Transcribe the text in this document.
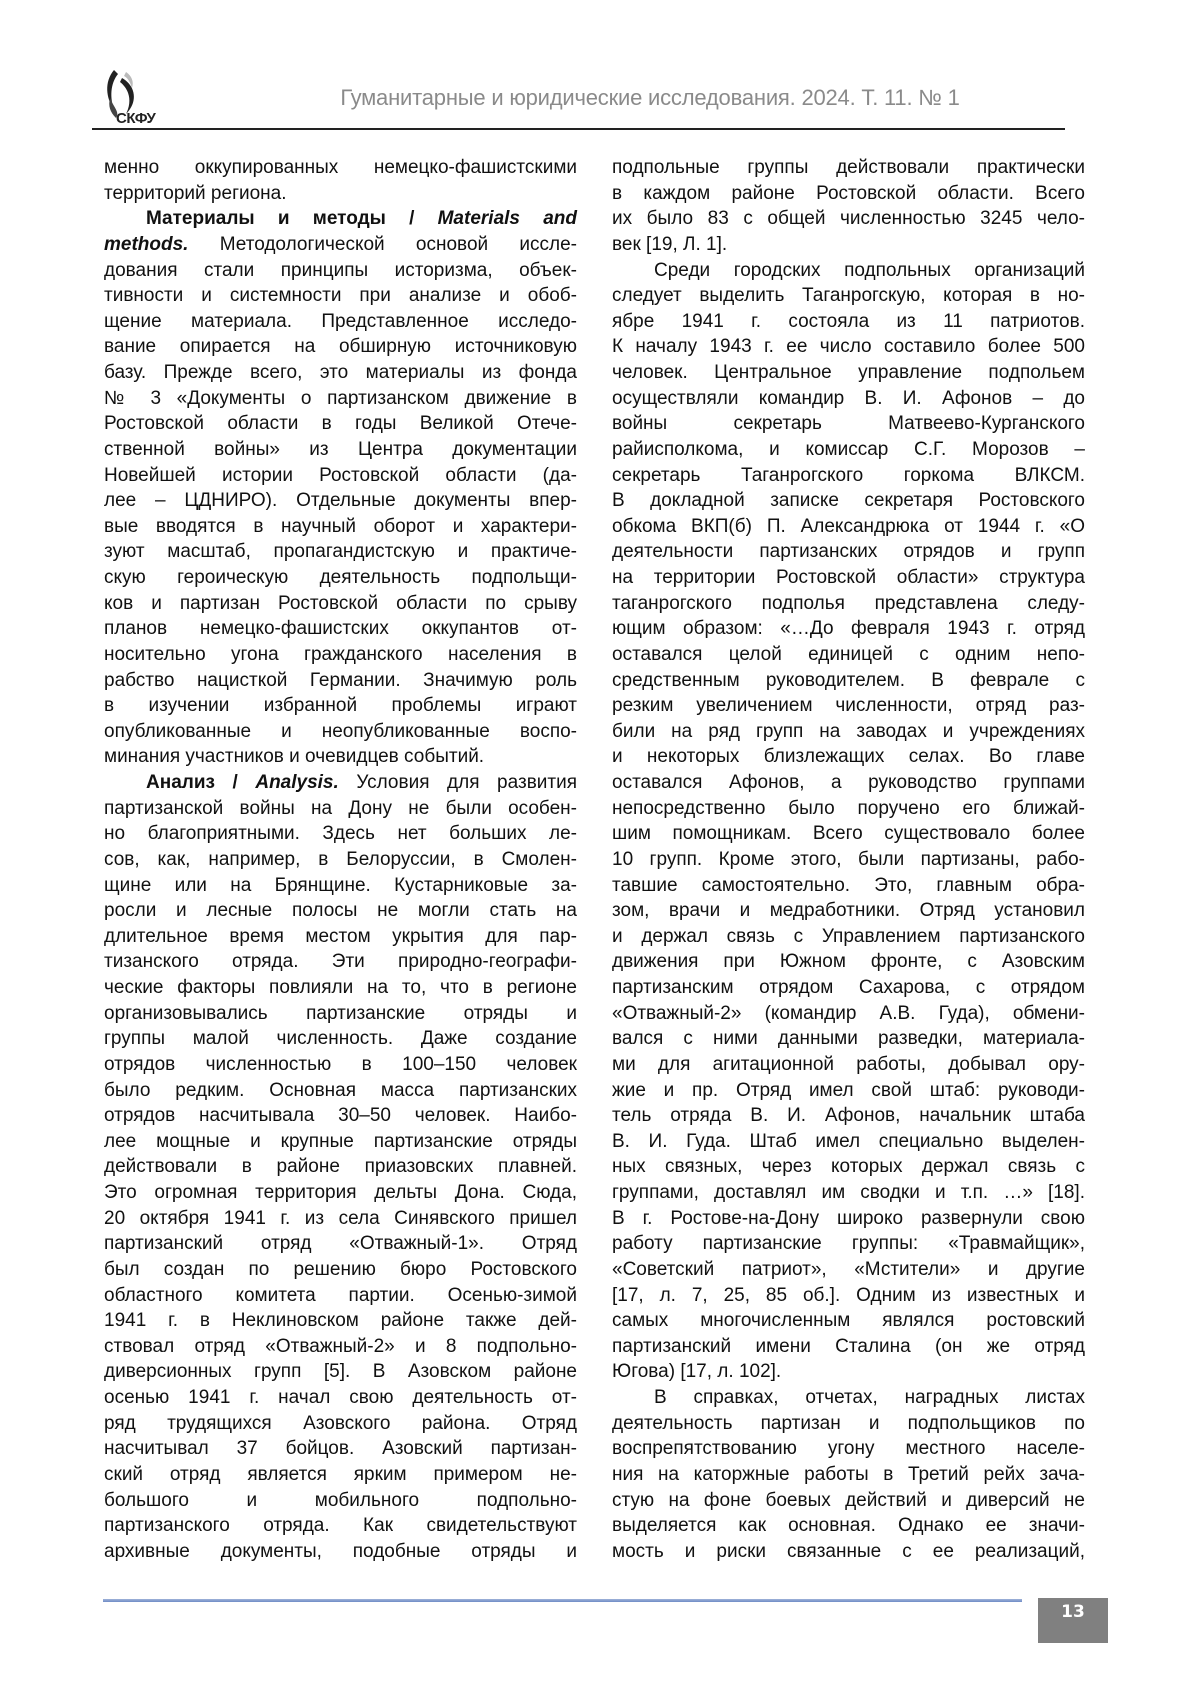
СКФУ
Гуманитарные и юридические исследования. 2024. Т. 11. № 1
менно оккупированных немецко-фашистскими
территорий региона.
Материалы и методы / Materials and
methods. Методологической основой иссле-
дования стали принципы историзма, объек-
тивности и системности при анализе и обоб-
щение материала. Представленное исследо-
вание опирается на обширную источниковую
базу. Прежде всего, это материалы из фонда
№ 3 «Документы о партизанском движение в
Ростовской области в годы Великой Отече-
ственной войны» из Центра документации
Новейшей истории Ростовской области (да-
лее – ЦДНИРО). Отдельные документы впер-
вые вводятся в научный оборот и характери-
зуют масштаб, пропагандистскую и практиче-
скую героическую деятельность подпольщи-
ков и партизан Ростовской области по срыву
планов немецко-фашистских оккупантов от-
носительно угона гражданского населения в
рабство нацисткой Германии. Значимую роль
в изучении избранной проблемы играют
опубликованные и неопубликованные воспо-
минания участников и очевидцев событий.
Анализ / Analysis. Условия для развития
партизанской войны на Дону не были особен-
но благоприятными. Здесь нет больших ле-
сов, как, например, в Белоруссии, в Смолен-
щине или на Брянщине. Кустарниковые за-
росли и лесные полосы не могли стать на
длительное время местом укрытия для пар-
тизанского отряда. Эти природно-географи-
ческие факторы повлияли на то, что в регионе
организовывались партизанские отряды и
группы малой численность. Даже создание
отрядов численностью в 100–150 человек
было редким. Основная масса партизанских
отрядов насчитывала 30–50 человек. Наибо-
лее мощные и крупные партизанские отряды
действовали в районе приазовских плавней.
Это огромная территория дельты Дона. Сюда,
20 октября 1941 г. из села Синявского пришел
партизанский отряд «Отважный-1». Отряд
был создан по решению бюро Ростовского
областного комитета партии. Осенью-зимой
1941 г. в Неклиновском районе также дей-
ствовал отряд «Отважный-2» и 8 подпольно-
диверсионных групп [5]. В Азовском районе
осенью 1941 г. начал свою деятельность от-
ряд трудящихся Азовского района. Отряд
насчитывал 37 бойцов. Азовский партизан-
ский отряд является ярким примером не-
большого и мобильного подпольно-
партизанского отряда. Как свидетельствуют
архивные документы, подобные отряды и
подпольные группы действовали практически
в каждом районе Ростовской области. Всего
их было 83 с общей численностью 3245 чело-
век [19, Л. 1].
Среди городских подпольных организаций
следует выделить Таганрогскую, которая в но-
ябре 1941 г. состояла из 11 патриотов.
К началу 1943 г. ее число составило более 500
человек. Центральное управление подпольем
осуществляли командир В. И. Афонов – до
войны секретарь Матвеево-Курганского
райисполкома, и комиссар С.Г. Морозов –
секретарь Таганрогского горкома ВЛКСМ.
В докладной записке секретаря Ростовского
обкома ВКП(б) П. Александрюка от 1944 г. «О
деятельности партизанских отрядов и групп
на территории Ростовской области» структура
таганрогского подполья представлена следу-
ющим образом: «…До февраля 1943 г. отряд
оставался целой единицей с одним непо-
средственным руководителем. В феврале с
резким увеличением численности, отряд раз-
били на ряд групп на заводах и учреждениях
и некоторых близлежащих селах. Во главе
оставался Афонов, а руководство группами
непосредственно было поручено его ближай-
шим помощникам. Всего существовало более
10 групп. Кроме этого, были партизаны, рабо-
тавшие самостоятельно. Это, главным обра-
зом, врачи и медработники. Отряд установил
и держал связь с Управлением партизанского
движения при Южном фронте, с Азовским
партизанским отрядом Сахарова, с отрядом
«Отважный-2» (командир А.В. Гуда), обмени-
вался с ними данными разведки, материала-
ми для агитационной работы, добывал ору-
жие и пр. Отряд имел свой штаб: руководи-
тель отряда В. И. Афонов, начальник штаба
В. И. Гуда. Штаб имел специально выделен-
ных связных, через которых держал связь с
группами, доставлял им сводки и т.п. …» [18].
В г. Ростове-на-Дону широко развернули свою
работу партизанские группы: «Травмайщик»,
«Советский патриот», «Мстители» и другие
[17, л. 7, 25, 85 об.]. Одним из известных и
самых многочисленным являлся ростовский
партизанский имени Сталина (он же отряд
Югова) [17, л. 102].
В справках, отчетах, наградных листах
деятельность партизан и подпольщиков по
воспрепятствованию угону местного населе-
ния на каторжные работы в Третий рейх зача-
стую на фоне боевых действий и диверсий не
выделяется как основная. Однако ее значи-
мость и риски связанные с ее реализаций,
13
